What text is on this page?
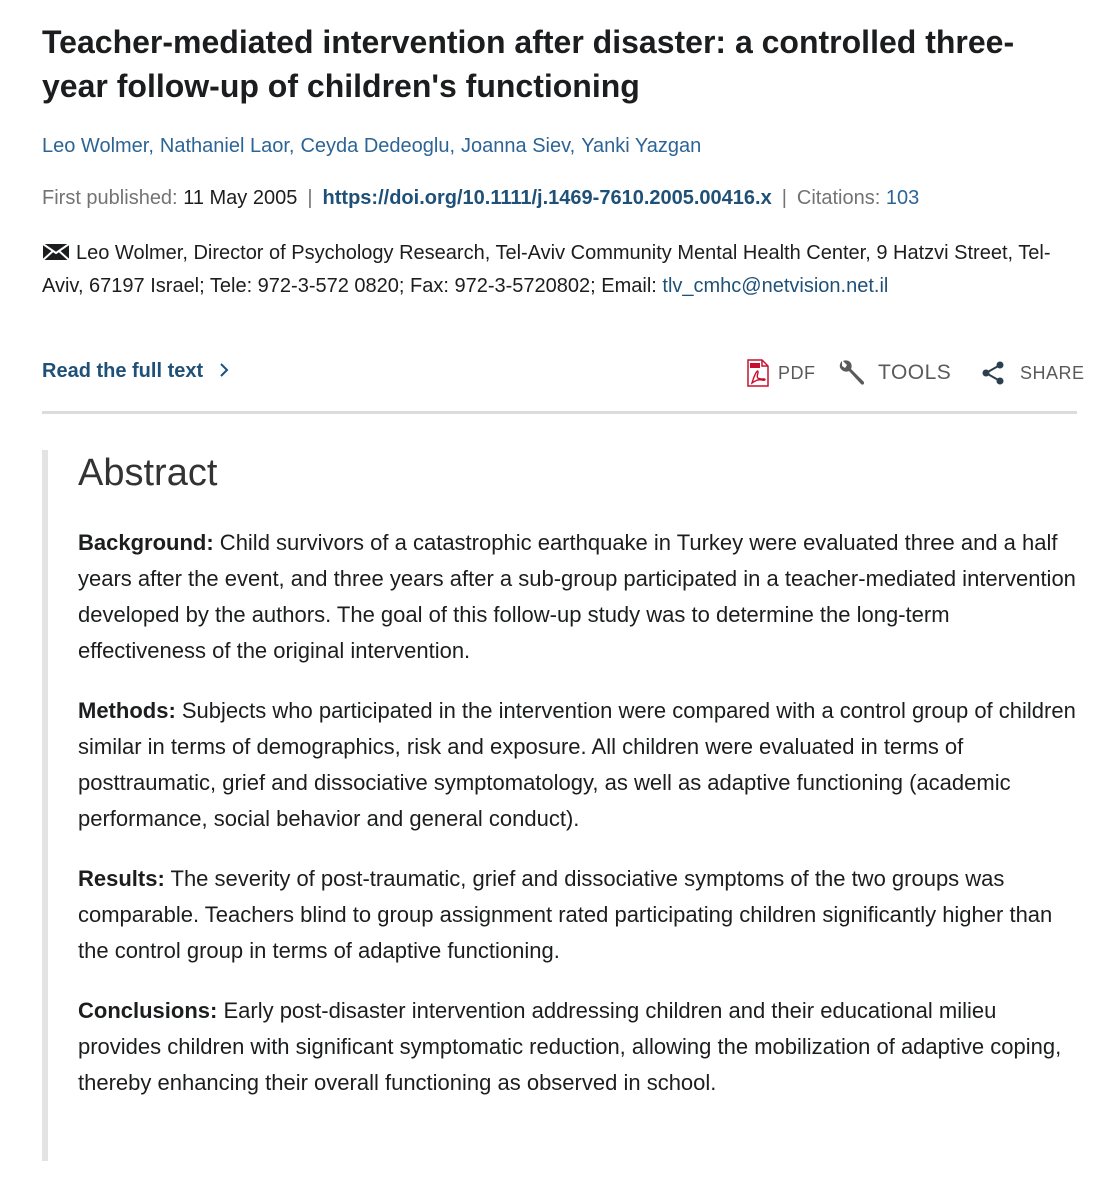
Teacher-mediated intervention after disaster: a controlled three-year follow-up of children's functioning
Leo Wolmer, Nathaniel Laor, Ceyda Dedeoglu, Joanna Siev, Yanki Yazgan
First published: 11 May 2005 | https://doi.org/10.1111/j.1469-7610.2005.00416.x | Citations: 103
Leo Wolmer, Director of Psychology Research, Tel-Aviv Community Mental Health Center, 9 Hatzvi Street, Tel-Aviv, 67197 Israel; Tele: 972-3-572 0820; Fax: 972-3-5720802; Email: tlv_cmhc@netvision.net.il
Read the full text	PDF	TOOLS	SHARE
Abstract

Background: Child survivors of a catastrophic earthquake in Turkey were evaluated three and a half years after the event, and three years after a sub-group participated in a teacher-mediated intervention developed by the authors. The goal of this follow-up study was to determine the long-term effectiveness of the original intervention.

Methods: Subjects who participated in the intervention were compared with a control group of children similar in terms of demographics, risk and exposure. All children were evaluated in terms of posttraumatic, grief and dissociative symptomatology, as well as adaptive functioning (academic performance, social behavior and general conduct).

Results: The severity of post-traumatic, grief and dissociative symptoms of the two groups was comparable. Teachers blind to group assignment rated participating children significantly higher than the control group in terms of adaptive functioning.

Conclusions: Early post-disaster intervention addressing children and their educational milieu provides children with significant symptomatic reduction, allowing the mobilization of adaptive coping, thereby enhancing their overall functioning as observed in school.
